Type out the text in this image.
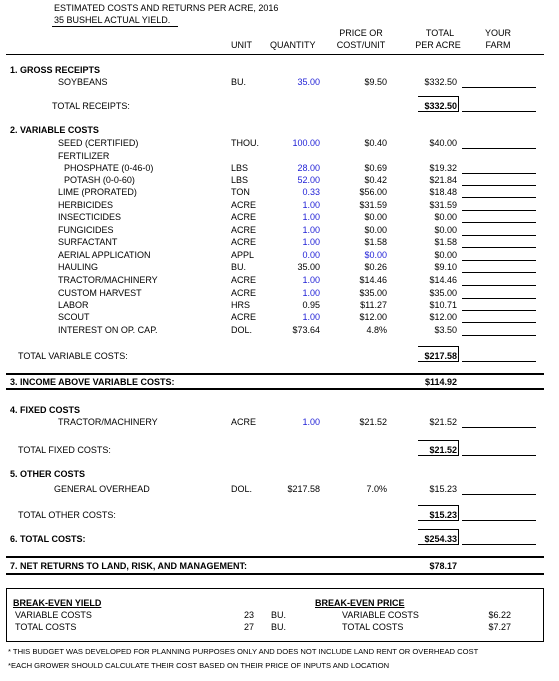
ESTIMATED COSTS AND RETURNS PER ACRE, 2016
35 BUSHEL ACTUAL YIELD.
PRICE OR	TOTAL	YOUR
UNIT QUANTITY	COST/UNIT	PER ACRE	FARM
1. GROSS RECEIPTS
SOYBEANS	BU.	35.00	$9.50	$332.50
TOTAL RECEIPTS:	$332.50
2. VARIABLE COSTS
SEED (CERTIFIED)	THOU.	100.00	$0.40	$40.00
FERTILIZER
PHOSPHATE (0-46-0)	LBS	28.00	$0.69	$19.32
POTASH (0-0-60)	LBS	52.00	$0.42	$21.84
LIME (PRORATED)	TON	0.33	$56.00	$18.48
HERBICIDES	ACRE	1.00	$31.59	$31.59
INSECTICIDES	ACRE	1.00	$0.00	$0.00
FUNGICIDES	ACRE	1.00	$0.00	$0.00
SURFACTANT	ACRE	1.00	$1.58	$1.58
AERIAL APPLICATION	APPL	0.00	$0.00	$0.00
HAULING	BU.	35.00	$0.26	$9.10
TRACTOR/MACHINERY	ACRE	1.00	$14.46	$14.46
CUSTOM HARVEST	ACRE	1.00	$35.00	$35.00
LABOR	HRS	0.95	$11.27	$10.71
SCOUT	ACRE	1.00	$12.00	$12.00
INTEREST ON OP. CAP.	DOL.	$73.64	4.8%	$3.50
TOTAL VARIABLE COSTS:	$217.58
3. INCOME ABOVE VARIABLE COSTS:	$114.92
4. FIXED COSTS
TRACTOR/MACHINERY	ACRE	1.00	$21.52	$21.52
TOTAL FIXED COSTS:	$21.52
5. OTHER COSTS
GENERAL OVERHEAD	DOL.	$217.58	7.0%	$15.23
TOTAL OTHER COSTS:	$15.23
6. TOTAL COSTS:	$254.33
7. NET RETURNS TO LAND, RISK, AND MANAGEMENT:	$78.17
BREAK-EVEN YIELD
VARIABLE COSTS	23 BU.
TOTAL COSTS	27 BU.
BREAK-EVEN PRICE
VARIABLE COSTS	$6.22
TOTAL COSTS	$7.27
* THIS BUDGET WAS DEVELOPED FOR PLANNING PURPOSES ONLY AND DOES NOT INCLUDE LAND RENT OR OVERHEAD COST
*EACH GROWER SHOULD CALCULATE THEIR COST BASED ON THEIR PRICE OF INPUTS AND LOCATION
